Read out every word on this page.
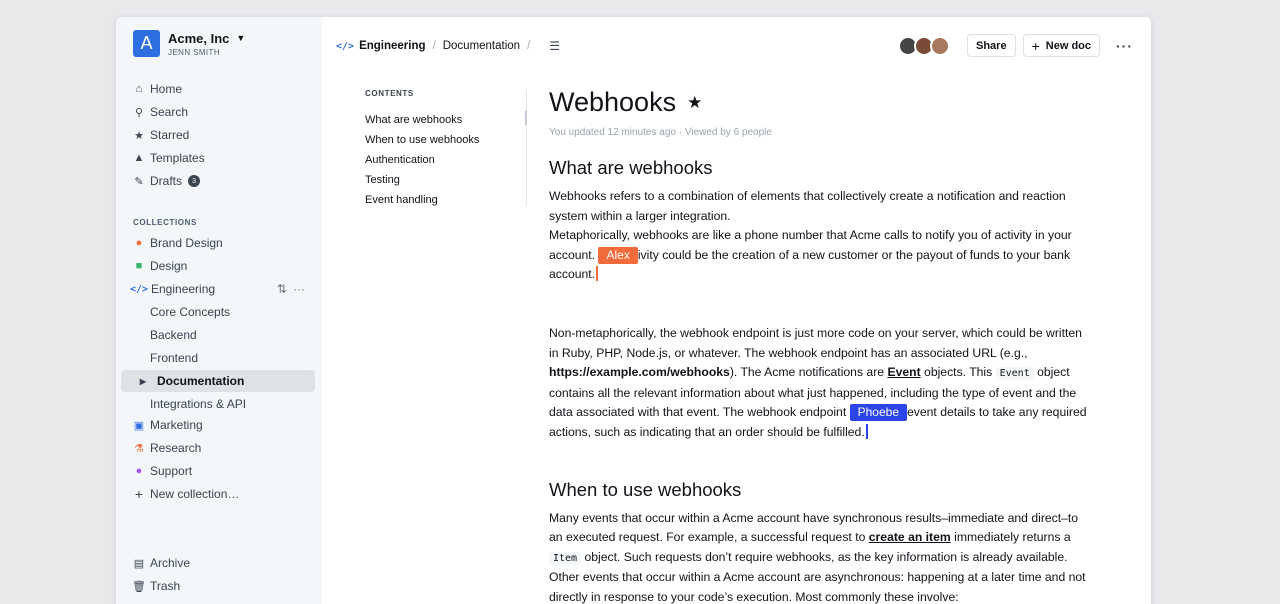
A	Acme, Inc ▼
JENN SMITH
⌂ Home
⚲ Search
★ Starred
▲ Templates
✎ Drafts	3
COLLECTIONS
● Brand Design
■ Design
</> Engineering	⇅ ···
Core Concepts
Backend
Frontend
▶ Documentation
Integrations & API
▣ Marketing
⚗ Research
● Support
+ New collection…
▤ Archive
🗑 Trash
</> Engineering / Documentation / ☰	Share + New doc ···
CONTENTS
What are webhooks
When to use webhooks
Authentication
Testing
Event handling
Webhooks ★
You updated 12 minutes ago · Viewed by 6 people
What are webhooks

Webhooks refers to a combination of elements that collectively create a notification and reaction system within a larger integration.

Metaphorically, webhooks are like a phone number that Acme calls to notify you of activity in your account. Alex ivity could be the creation of a new customer or the payout of funds to your bank account.

Non-metaphorically, the webhook endpoint is just more code on your server, which could be written in Ruby, PHP, Node.js, or whatever. The webhook endpoint has an associated URL (e.g., https://example.com/webhooks). The Acme notifications are Event objects. This Event object contains all the relevant information about what just happened, including the type of event and the data associated with that event. The webhook endpoint Phoebe event details to take any required actions, such as indicating that an order should be fulfilled.

When to use webhooks

Many events that occur within a Acme account have synchronous results–immediate and direct–to an executed request. For example, a successful request to create an item immediately returns a Item object. Such requests don’t require webhooks, as the key information is already available.

Other events that occur within a Acme account are asynchronous: happening at a later time and not directly in response to your code’s execution. Most commonly these involve:
